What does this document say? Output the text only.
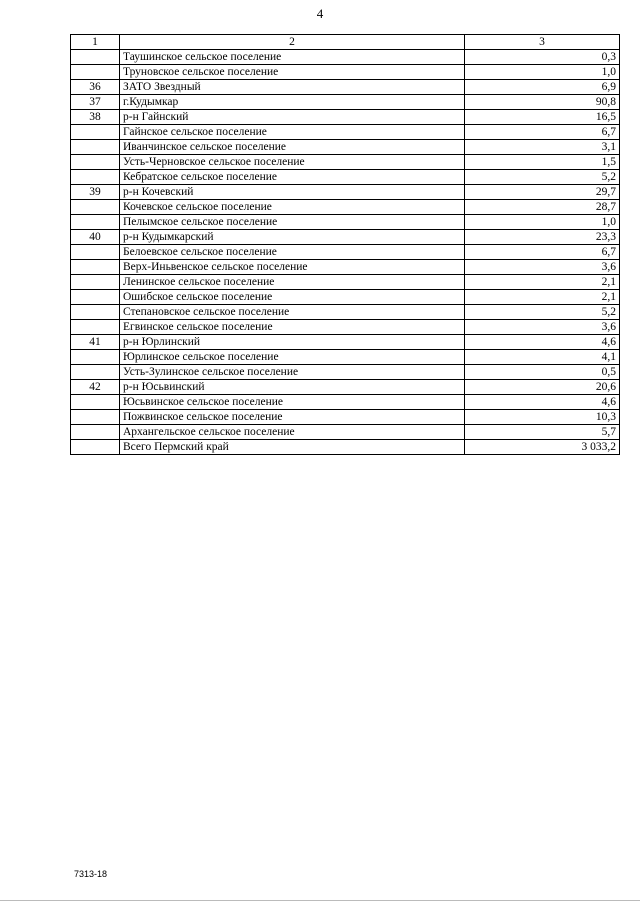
4
1	2	3
	Таушинское сельское поселение	0,3
	Труновское сельское поселение	1,0
36	ЗАТО Звездный	6,9
37	г.Кудымкар	90,8
38	р-н Гайнский	16,5
	Гайнское сельское поселение	6,7
	Иванчинское сельское поселение	3,1
	Усть-Черновское сельское поселение	1,5
	Кебратское сельское поселение	5,2
39	р-н Кочевский	29,7
	Кочевское сельское поселение	28,7
	Пелымское сельское поселение	1,0
40	р-н Кудымкарский	23,3
	Белоевское сельское поселение	6,7
	Верх-Иньвенское сельское поселение	3,6
	Ленинское сельское поселение	2,1
	Ошибское сельское поселение	2,1
	Степановское сельское поселение	5,2
	Егвинское сельское поселение	3,6
41	р-н Юрлинский	4,6
	Юрлинское сельское поселение	4,1
	Усть-Зулинское сельское поселение	0,5
42	р-н Юсьвинский	20,6
	Юсьвинское сельское поселение	4,6
	Пожвинское сельское поселение	10,3
	Архангельское сельское поселение	5,7
	Всего Пермский край	3 033,2
7313-18
